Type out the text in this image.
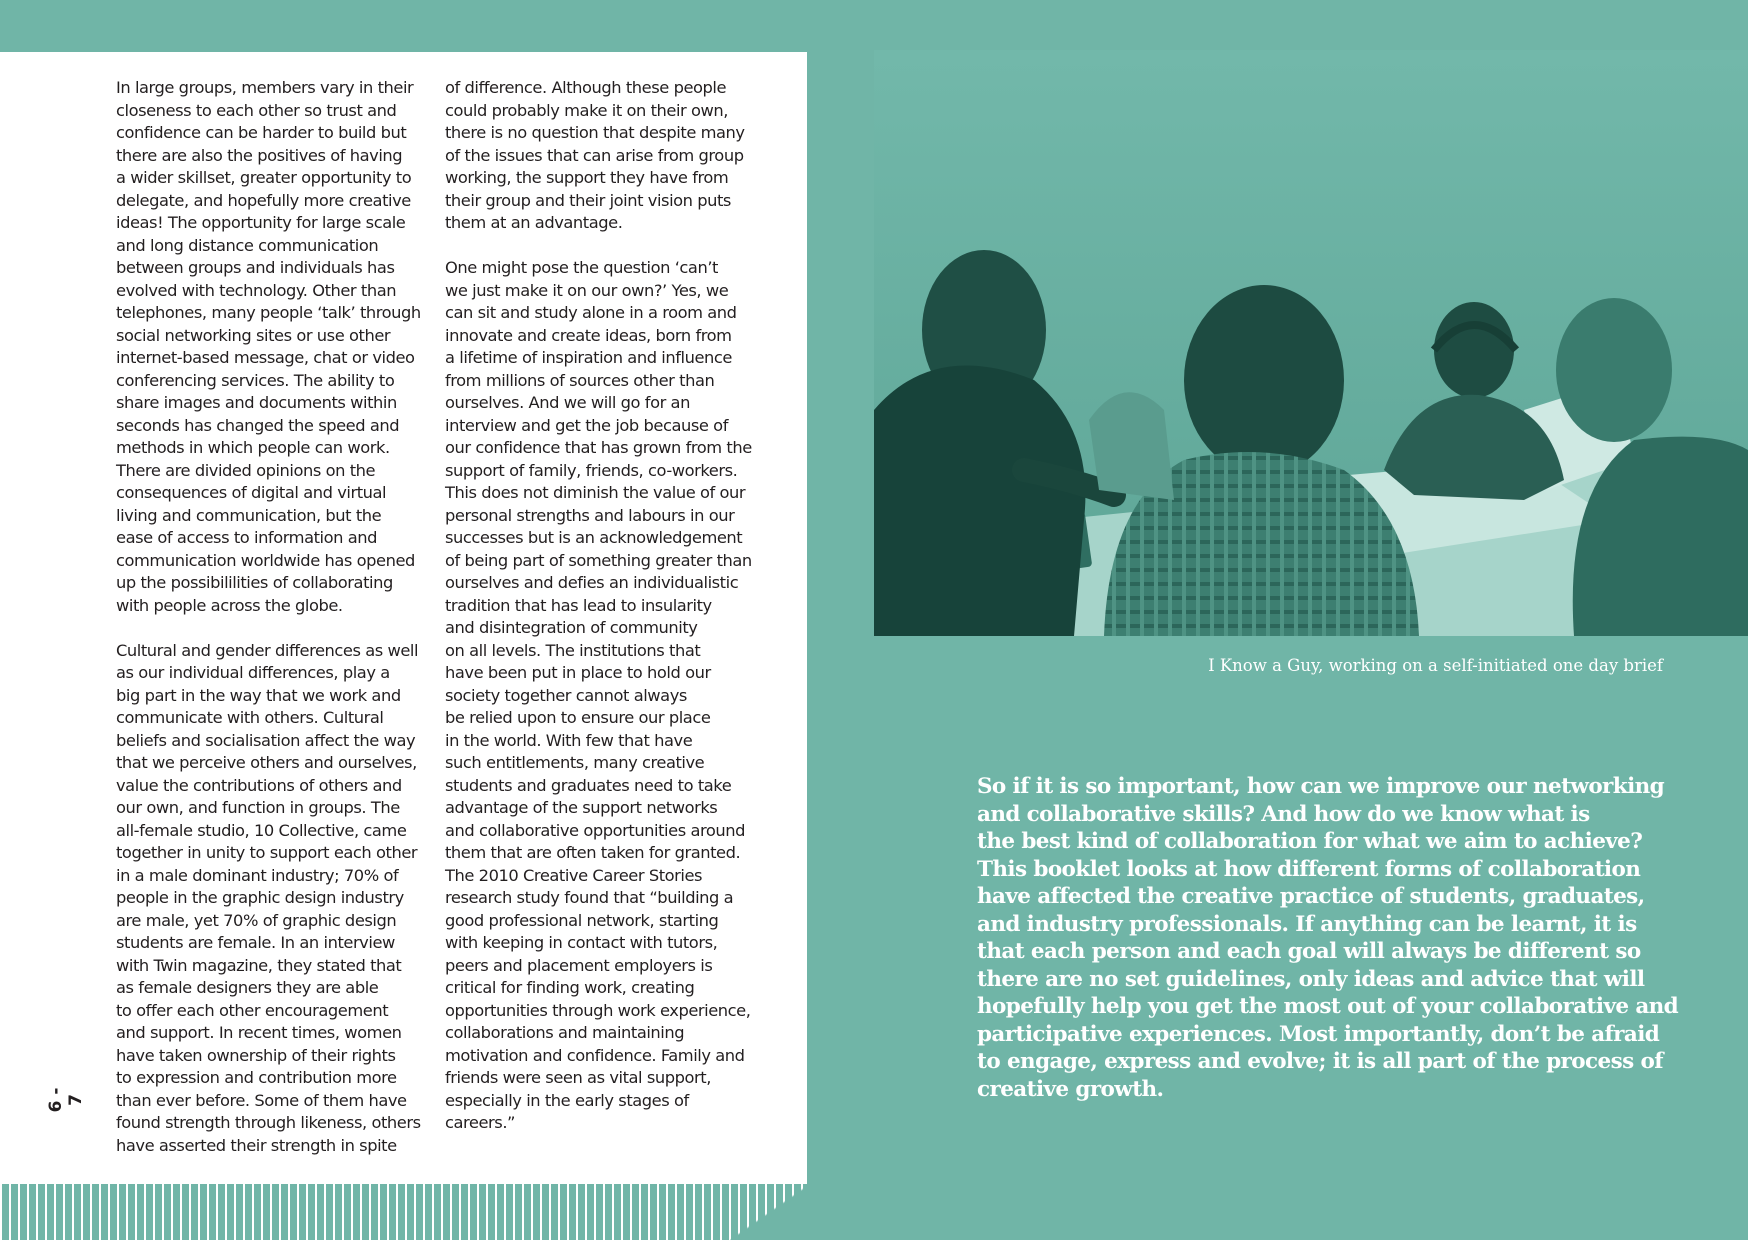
6 - 7

In large groups, members vary in their
closeness to each other so trust and
confidence can be harder to build but
there are also the positives of having
a wider skillset, greater opportunity to
delegate, and hopefully more creative
ideas! The opportunity for large scale
and long distance communication
between groups and individuals has
evolved with technology. Other than
telephones, many people ‘talk’ through
social networking sites or use other
internet-based message, chat or video
conferencing services. The ability to
share images and documents within
seconds has changed the speed and
methods in which people can work.
There are divided opinions on the
consequences of digital and virtual
living and communication, but the
ease of access to information and
communication worldwide has opened
up the possibililities of collaborating
with people across the globe.

Cultural and gender differences as well
as our individual differences, play a
big part in the way that we work and
communicate with others. Cultural
beliefs and socialisation affect the way
that we perceive others and ourselves,
value the contributions of others and
our own, and function in groups. The
all-female studio, 10 Collective, came
together in unity to support each other
in a male dominant industry; 70% of
people in the graphic design industry
are male, yet 70% of graphic design
students are female. In an interview
with Twin magazine, they stated that
as female designers they are able
to offer each other encouragement
and support. In recent times, women
have taken ownership of their rights
to expression and contribution more
than ever before. Some of them have
found strength through likeness, others
have asserted their strength in spite

of difference. Although these people
could probably make it on their own,
there is no question that despite many
of the issues that can arise from group
working, the support they have from
their group and their joint vision puts
them at an advantage.

One might pose the question ‘can’t
we just make it on our own?’ Yes, we
can sit and study alone in a room and
innovate and create ideas, born from
a lifetime of inspiration and influence
from millions of sources other than
ourselves. And we will go for an
interview and get the job because of
our confidence that has grown from the
support of family, friends, co-workers.
This does not diminish the value of our
personal strengths and labours in our
successes but is an acknowledgement
of being part of something greater than
ourselves and defies an individualistic
tradition that has lead to insularity
and disintegration of community
on all levels. The institutions that
have been put in place to hold our
society together cannot always
be relied upon to ensure our place
in the world. With few that have
such entitlements, many creative
students and graduates need to take
advantage of the support networks
and collaborative opportunities around
them that are often taken for granted.
The 2010 Creative Career Stories
research study found that “building a
good professional network, starting
with keeping in contact with tutors,
peers and placement employers is
critical for finding work, creating
opportunities through work experience,
collaborations and maintaining
motivation and confidence. Family and
friends were seen as vital support,
especially in the early stages of
careers.”

I Know a Guy, working on a self-initiated one day brief
So if it is so important, how can we improve our networking
and collaborative skills? And how do we know what is
the best kind of collaboration for what we aim to achieve?
This booklet looks at how different forms of collaboration
have affected the creative practice of students, graduates,
and industry professionals. If anything can be learnt, it is
that each person and each goal will always be different so
there are no set guidelines, only ideas and advice that will
hopefully help you get the most out of your collaborative and
participative experiences. Most importantly, don’t be afraid
to engage, express and evolve; it is all part of the process of
creative growth.
